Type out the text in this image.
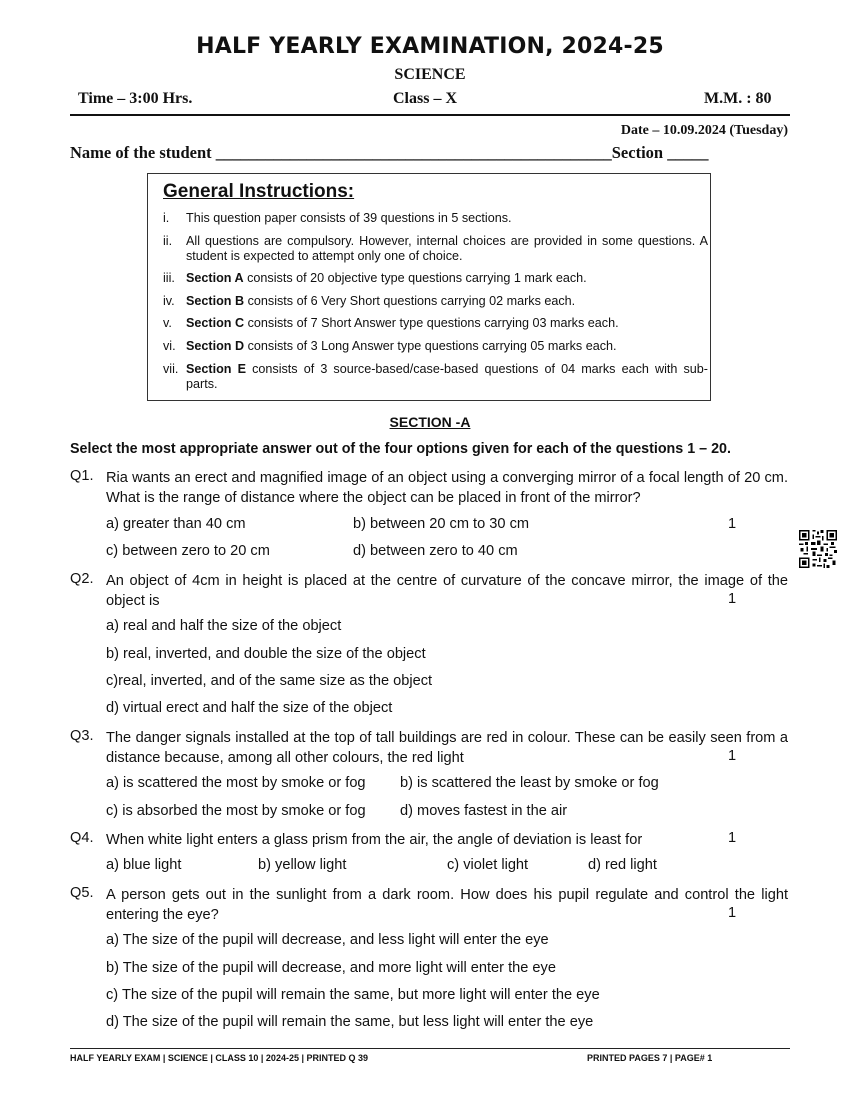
HALF YEARLY EXAMINATION, 2024-25
SCIENCE
Time – 3:00 Hrs.	Class – X	M.M. : 80
Date – 10.09.2024 (Tuesday)
Name of the student ________________________________________________Section _____
General Instructions:
i. This question paper consists of 39 questions in 5 sections.
ii. All questions are compulsory. However, internal choices are provided in some questions. A student is expected to attempt only one of choice.
iii. Section A consists of 20 objective type questions carrying 1 mark each.
iv. Section B consists of 6 Very Short questions carrying 02 marks each.
v. Section C consists of 7 Short Answer type questions carrying 03 marks each.
vi. Section D consists of 3 Long Answer type questions carrying 05 marks each.
vii. Section E consists of 3 source-based/case-based questions of 04 marks each with sub-parts.
SECTION -A
Select the most appropriate answer out of the four options given for each of the questions 1 – 20.
Q1. Ria wants an erect and magnified image of an object using a converging mirror of a focal length of 20 cm. What is the range of distance where the object can be placed in front of the mirror?
a) greater than 40 cm	b) between 20 cm to 30 cm	1
c) between zero to 20 cm	d) between zero to 40 cm
Q2. An object of 4cm in height is placed at the centre of curvature of the concave mirror, the image of the object is	1
a) real and half the size of the object
b) real, inverted, and double the size of the object
c)real, inverted, and of the same size as the object
d) virtual erect and half the size of the object
Q3. The danger signals installed at the top of tall buildings are red in colour. These can be easily seen from a distance because, among all other colours, the red light	1
a) is scattered the most by smoke or fog b) is scattered the least by smoke or fog
c) is absorbed the most by smoke or fog d) moves fastest in the air
Q4. When white light enters a glass prism from the air, the angle of deviation is least for	1
a) blue light	b) yellow light	c) violet light	d) red light
Q5. A person gets out in the sunlight from a dark room. How does his pupil regulate and control the light entering the eye?	1
a) The size of the pupil will decrease, and less light will enter the eye
b) The size of the pupil will decrease, and more light will enter the eye
c) The size of the pupil will remain the same, but more light will enter the eye
d) The size of the pupil will remain the same, but less light will enter the eye
HALF YEARLY EXAM | SCIENCE | CLASS 10 | 2024-25 | PRINTED Q 39	PRINTED PAGES 7 | PAGE# 1
